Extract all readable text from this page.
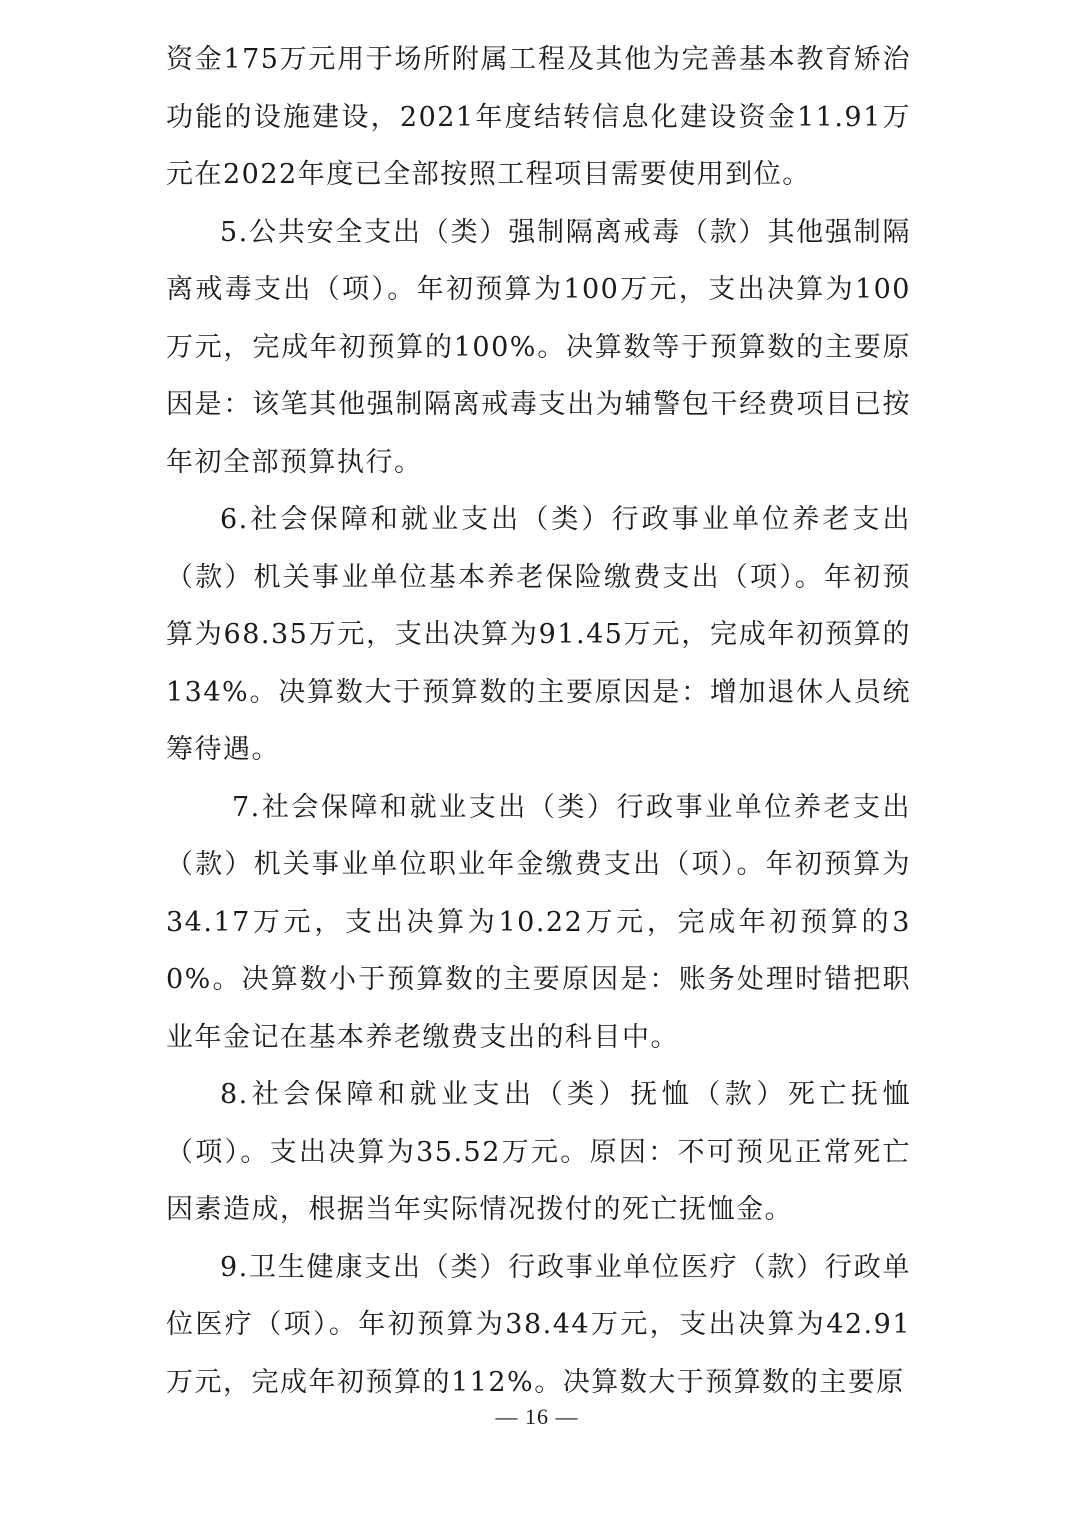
资金175万元用于场所附属工程及其他为完善基本教育矫治功能的设施建设，2021年度结转信息化建设资金11.91万元在2022年度已全部按照工程项目需要使用到位。

5.公共安全支出（类）强制隔离戒毒（款）其他强制隔离戒毒支出（项）。年初预算为100万元，支出决算为100万元，完成年初预算的100%。决算数等于预算数的主要原因是：该笔其他强制隔离戒毒支出为辅警包干经费项目已按年初全部预算执行。

6.社会保障和就业支出（类）行政事业单位养老支出（款）机关事业单位基本养老保险缴费支出（项）。年初预算为68.35万元，支出决算为91.45万元，完成年初预算的134%。决算数大于预算数的主要原因是：增加退休人员统筹待遇。

7.社会保障和就业支出（类）行政事业单位养老支出（款）机关事业单位职业年金缴费支出（项）。年初预算为34.17万元，支出决算为10.22万元，完成年初预算的30%。决算数小于预算数的主要原因是：账务处理时错把职业年金记在基本养老缴费支出的科目中。

8.社会保障和就业支出（类）抚恤（款）死亡抚恤（项）。支出决算为35.52万元。原因：不可预见正常死亡因素造成，根据当年实际情况拨付的死亡抚恤金。

9.卫生健康支出（类）行政事业单位医疗（款）行政单位医疗（项）。年初预算为38.44万元，支出决算为42.91万元，完成年初预算的112%。决算数大于预算数的主要原

— 16 —
